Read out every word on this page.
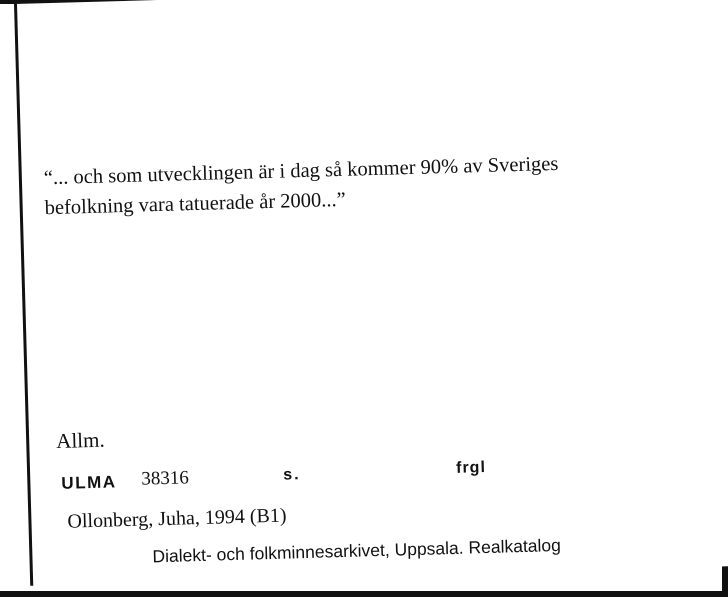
“... och som utvecklingen är i dag så kommer 90% av Sveriges
befolkning vara tatuerade år 2000...”

Allm.
ULMA 38316	s.	frgl
Ollonberg, Juha, 1994 (B1)
Dialekt- och folkminnesarkivet, Uppsala. Realkatalog
